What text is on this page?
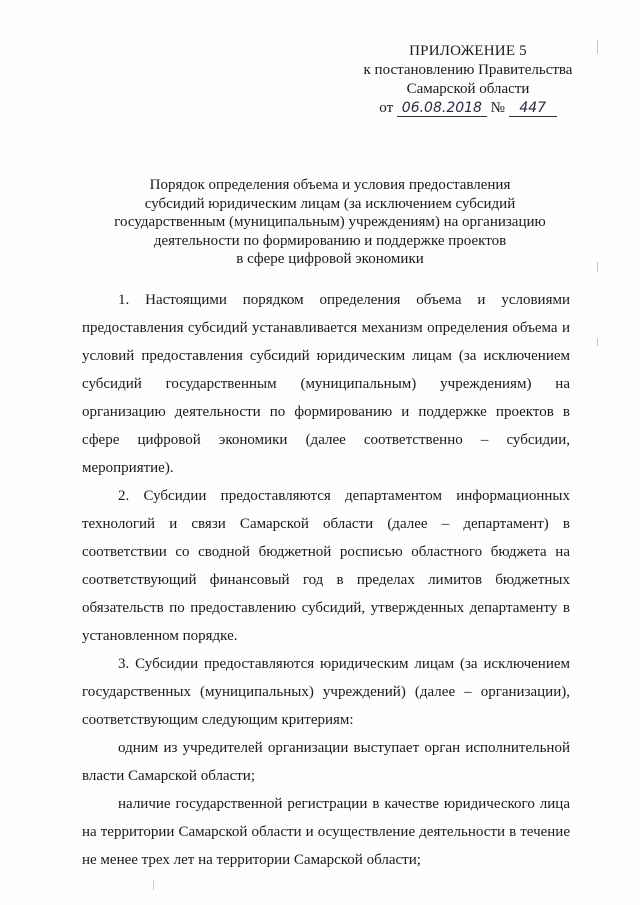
ПРИЛОЖЕНИЕ 5
к постановлению Правительства
Самарской области
от 06.08.2018 № 447
Порядок определения объема и условия предоставления
субсидий юридическим лицам (за исключением субсидий
государственным (муниципальным) учреждениям) на организацию
деятельности по формированию и поддержке проектов
в сфере цифровой экономики

1. Настоящими порядком определения объема и условиями предоставления субсидий устанавливается механизм определения объема и условий предоставления субсидий юридическим лицам (за исключением субсидий государственным (муниципальным) учреждениям) на организацию деятельности по формированию и поддержке проектов в сфере цифровой экономики (далее соответственно – субсидии, мероприятие).

2. Субсидии предоставляются департаментом информационных технологий и связи Самарской области (далее – департамент) в соответствии со сводной бюджетной росписью областного бюджета на соответствующий финансовый год в пределах лимитов бюджетных обязательств по предоставлению субсидий, утвержденных департаменту в установленном порядке.

3. Субсидии предоставляются юридическим лицам (за исключением государственных (муниципальных) учреждений) (далее – организации), соответствующим следующим критериям:

одним из учредителей организации выступает орган исполнительной власти Самарской области;

наличие государственной регистрации в качестве юридического лица на территории Самарской области и осуществление деятельности в течение не менее трех лет на территории Самарской области;
